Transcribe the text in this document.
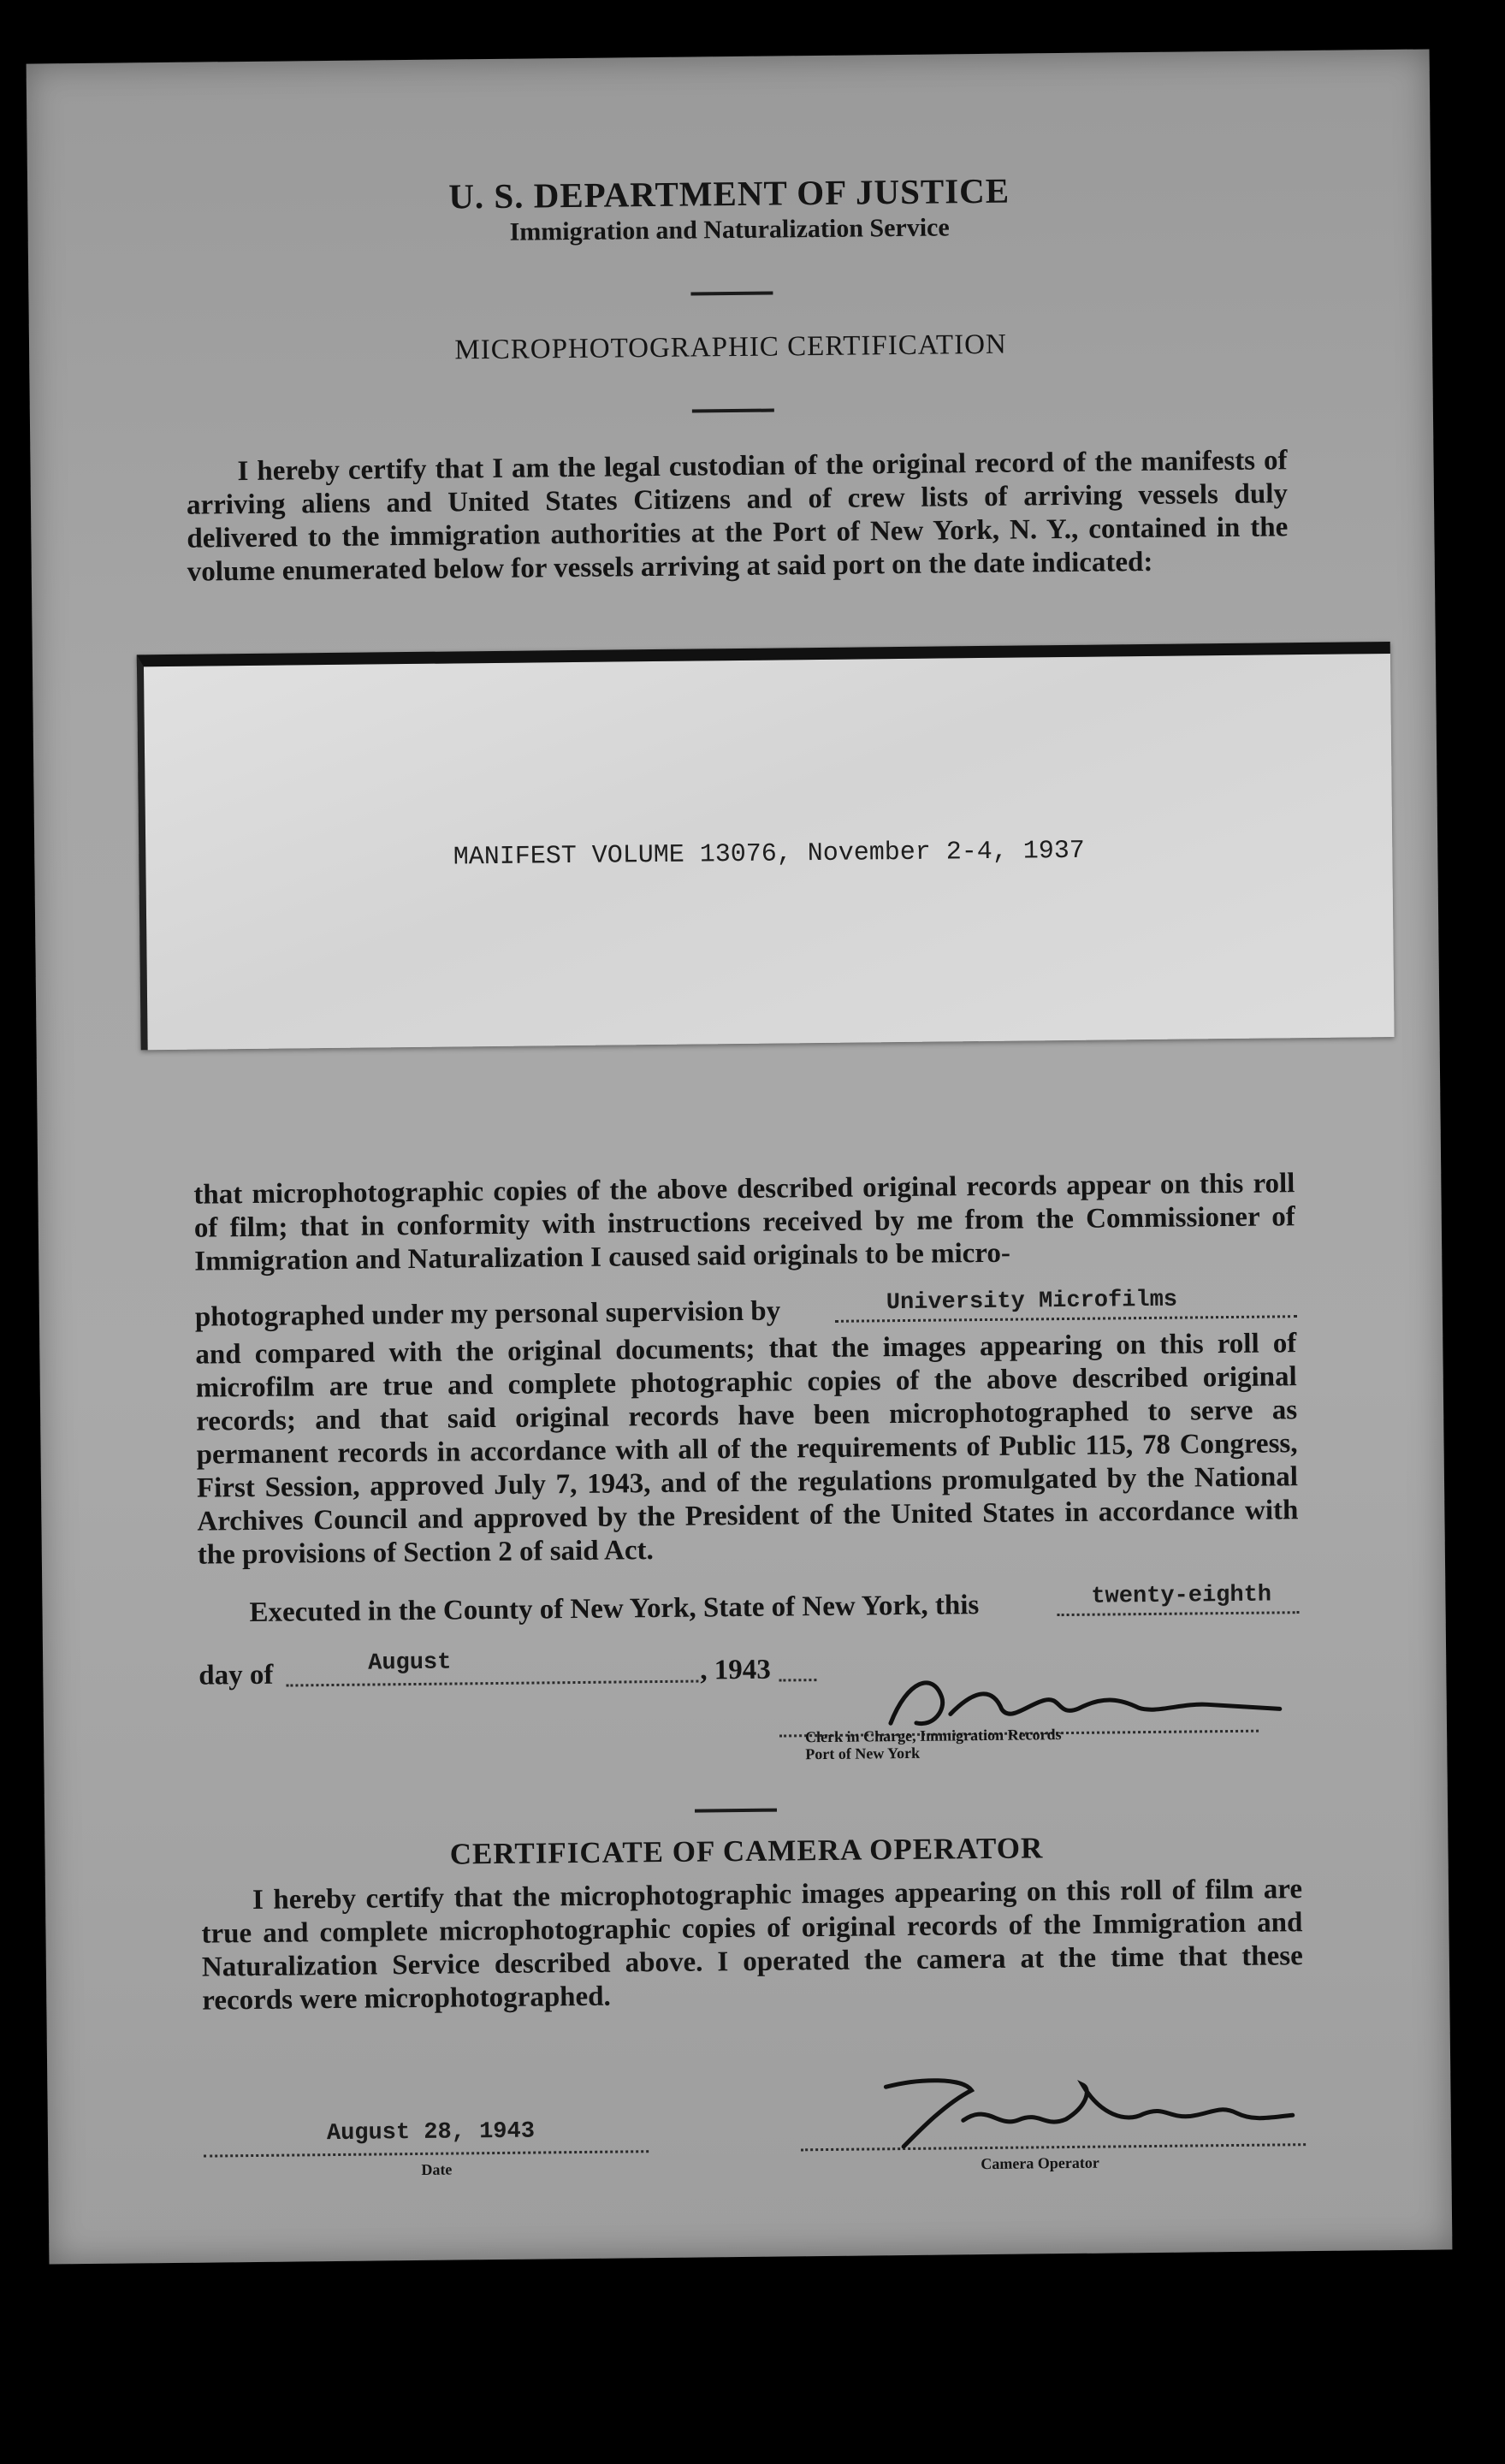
U. S. DEPARTMENT OF JUSTICE
Immigration and Naturalization Service
MICROPHOTOGRAPHIC CERTIFICATION
I hereby certify that I am the legal custodian of the original record of the manifests of arriving aliens and United States Citizens and of crew lists of arriving vessels duly delivered to the immigration authorities at the Port of New York, N. Y., contained in the volume enumerated below for vessels arriving at said port on the date indicated:
MANIFEST VOLUME 13076, November 2-4, 1937
that microphotographic copies of the above described original records appear on this roll of film; that in conformity with instructions received by me from the Commissioner of Immigration and Naturalization I caused said originals to be micro-
photographed under my personal supervision by	University Microfilms
and compared with the original documents; that the images appearing on this roll of microfilm are true and complete photographic copies of the above described original records; and that said original records have been microphotographed to serve as permanent records in accordance with all of the requirements of Public 115, 78 Congress, First Session, approved July 7, 1943, and of the regulations promulgated by the National Archives Council and approved by the President of the United States in accordance with the provisions of Section 2 of said Act.
Executed in the County of New York, State of New York, this	twenty-eighth
day of	August	, 1943
Clerk in Charge, Immigration Records
Port of New York
CERTIFICATE OF CAMERA OPERATOR
I hereby certify that the microphotographic images appearing on this roll of film are true and complete microphotographic copies of original records of the Immigration and Naturalization Service described above. I operated the camera at the time that these records were microphotographed.
August 28, 1943
Date	Camera Operator
